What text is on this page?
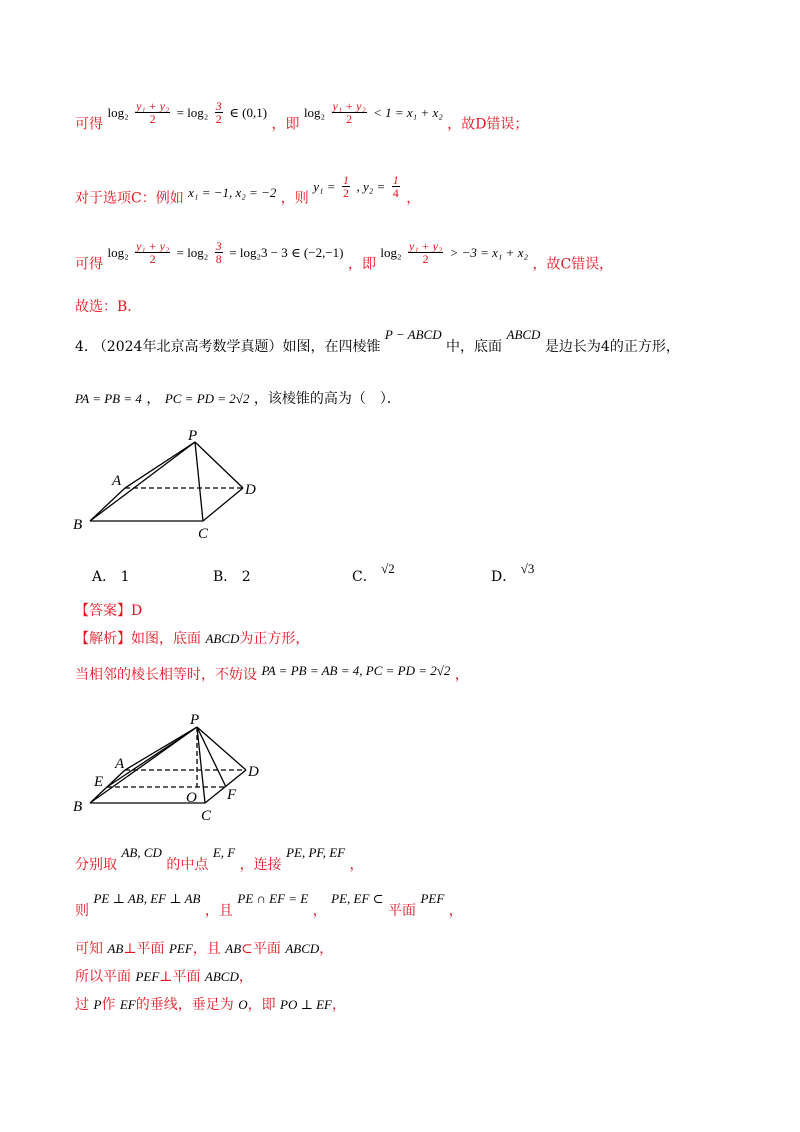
可得 $\log_2 \frac{\text{y₁ + y₂}}{2} = \log_2 \frac{3}{2}$ ∈ (0,1) ，即 $\log_2 \frac{\text{y₁ + y₂}}{2} < 1 = x_1 + x_2$ ，故D错误；
对于选项C：例如 x₁ = −1, x₂ = −2 ，则 $y_1 = \frac{1}{2}$ , $y_2 = \frac{1}{4}$ ，
可得 $\log_2 \frac{\text{y₁ + y₂}}{2} = \log_2 \frac{3}{8} = \log_23 - 3$ ∈ (−2,−1) ，即 $\log_2 \frac{\text{y₁ + y₂}}{2} > -3 = x_1 + x_2$ ，故C错误，
故选：B.
4. （2024年北京高考数学真题）如图，在四棱锥 P − ABCD 中，底面 ABCD 是边长为4的正方形，
PA = PB = 4 ， PC = PD = 2√2 ，该棱锥的高为（　）．
P
A
B
C
D
A． 1	B． 2	C． √2
D． √3
【答案】D
【解析】如图，底面 ABCD为正方形，
当相邻的棱长相等时，不妨设 PA = PB = AB = 4, PC = PD = 2√2 ，
P
A
E
B
O
C
F
D
分别取 AB, CD 的中点 E, F ，连接 PE, PF, EF ，
则 PE ⊥ AB, EF ⊥ AB ，且 PE ∩ EF = E ， PE, EF ⊂ 平面 PEF ，
可知 AB⊥平面 PEF，且 AB⊂平面 ABCD，
所以平面 PEF⊥平面 ABCD，
过 P作 EF的垂线，垂足为 O，即 PO ⊥ EF，
